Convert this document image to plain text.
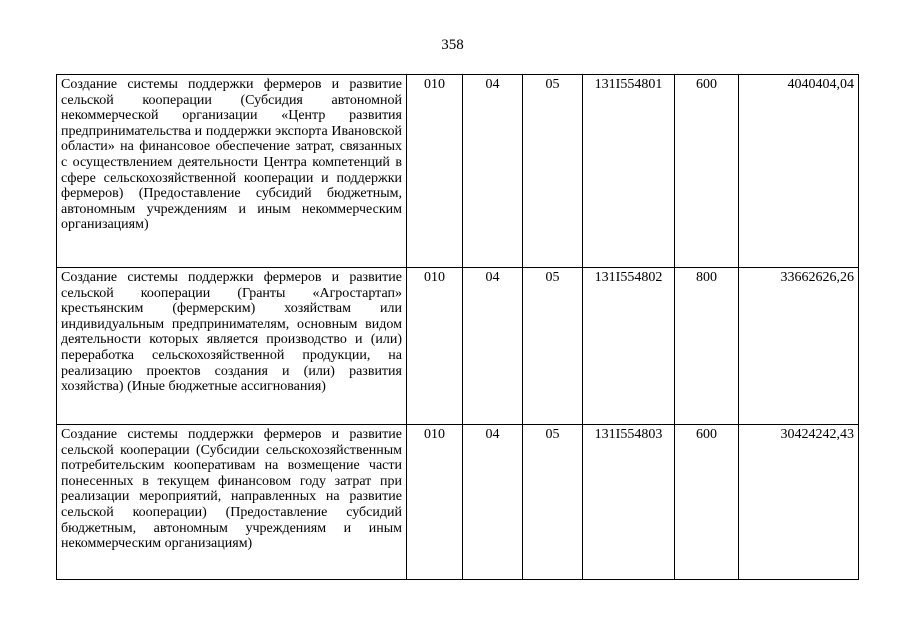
358
Создание системы поддержки фермеров и развитие сельской кооперации (Субсидия автономной некоммерческой организации «Центр развития предпринимательства и поддержки экспорта Ивановской области» на финансовое обеспечение затрат, связанных с осуществлением деятельности Центра компетенций в сфере сельскохозяйственной кооперации и поддержки фермеров) (Предоставление субсидий бюджетным, автономным учреждениям и иным некоммерческим организациям)	010	04	05	131I554801	600	4040404,04
Создание системы поддержки фермеров и развитие сельской кооперации (Гранты «Агростартап» крестьянским (фермерским) хозяйствам или индивидуальным предпринимателям, основным видом деятельности которых является производство и (или) переработка сельскохозяйственной продукции, на реализацию проектов создания и (или) развития хозяйства) (Иные бюджетные ассигнования)	010	04	05	131I554802	800	33662626,26
Создание системы поддержки фермеров и развитие сельской кооперации (Субсидии сельскохозяйственным потребительским кооперативам на возмещение части понесенных в текущем финансовом году затрат при реализации мероприятий, направленных на развитие сельской кооперации) (Предоставление субсидий бюджетным, автономным учреждениям и иным некоммерческим организациям)	010	04	05	131I554803	600	30424242,43
